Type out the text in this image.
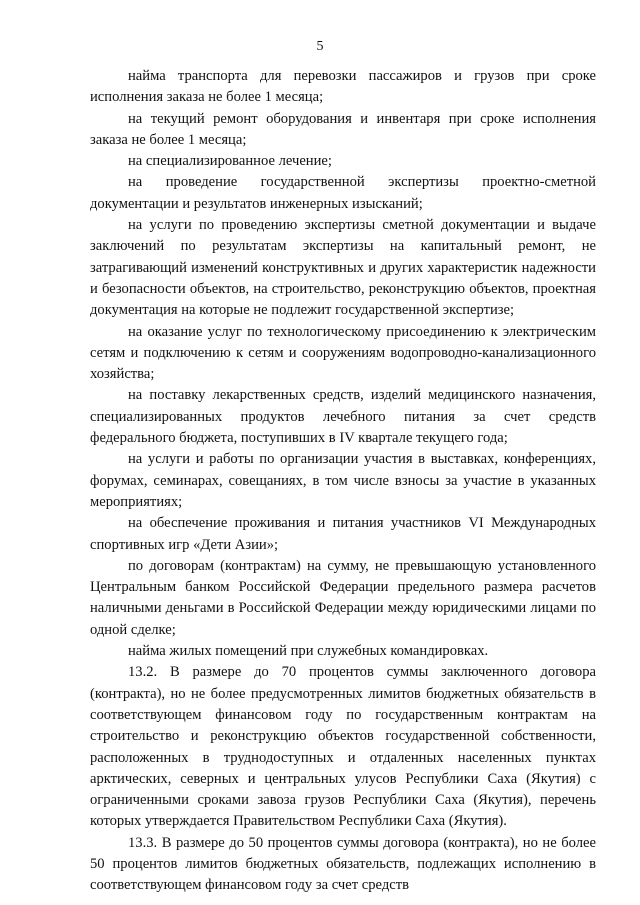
5

найма транспорта для перевозки пассажиров и грузов при сроке исполнения заказа не более 1 месяца;

на текущий ремонт оборудования и инвентаря при сроке исполнения заказа не более 1 месяца;

на специализированное лечение;

на проведение государственной экспертизы проектно-сметной документации и результатов инженерных изысканий;

на услуги по проведению экспертизы сметной документации и выдаче заключений по результатам экспертизы на капитальный ремонт, не затрагивающий изменений конструктивных и других характеристик надежности и безопасности объектов, на строительство, реконструкцию объектов, проектная документация на которые не подлежит государственной экспертизе;

на оказание услуг по технологическому присоединению к электрическим сетям и подключению к сетям и сооружениям водопроводно-канализационного хозяйства;

на поставку лекарственных средств, изделий медицинского назначения, специализированных продуктов лечебного питания за счет средств федерального бюджета, поступивших в IV квартале текущего года;

на услуги и работы по организации участия в выставках, конференциях, форумах, семинарах, совещаниях, в том числе взносы за участие в указанных мероприятиях;

на обеспечение проживания и питания участников VI Международных спортивных игр «Дети Азии»;

по договорам (контрактам) на сумму, не превышающую установленного Центральным банком Российской Федерации предельного размера расчетов наличными деньгами в Российской Федерации между юридическими лицами по одной сделке;

найма жилых помещений при служебных командировках.

13.2. В размере до 70 процентов суммы заключенного договора (контракта), но не более предусмотренных лимитов бюджетных обязательств в соответствующем финансовом году по государственным контрактам на строительство и реконструкцию объектов государственной собственности, расположенных в труднодоступных и отдаленных населенных пунктах арктических, северных и центральных улусов Республики Саха (Якутия) с ограниченными сроками завоза грузов Республики Саха (Якутия), перечень которых утверждается Правительством Республики Саха (Якутия).

13.3. В размере до 50 процентов суммы договора (контракта), но не более 50 процентов лимитов бюджетных обязательств, подлежащих исполнению в соответствующем финансовом году за счет средств
